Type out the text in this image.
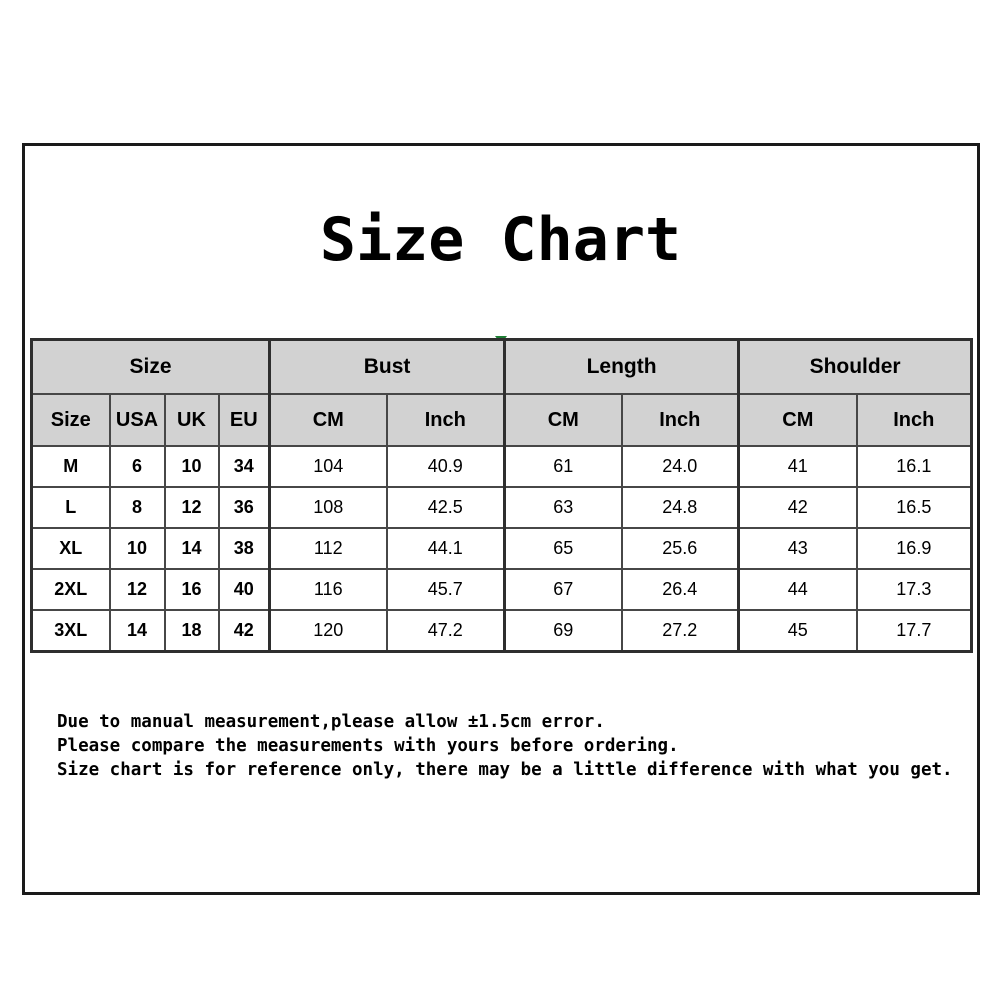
Size Chart
Size				Bust		Length		Shoulder	
Size	USA	UK	EU	CM	Inch	CM	Inch	CM	Inch
M	6	10	34	104	40.9	61	24.0	41	16.1
L	8	12	36	108	42.5	63	24.8	42	16.5
XL	10	14	38	112	44.1	65	25.6	43	16.9
2XL	12	16	40	116	45.7	67	26.4	44	17.3
3XL	14	18	42	120	47.2	69	27.2	45	17.7

Due to manual measurement,please allow ±1.5cm error.

Please compare the measurements with yours before ordering.

Size chart is for reference only, there may be a little difference with what you get.
